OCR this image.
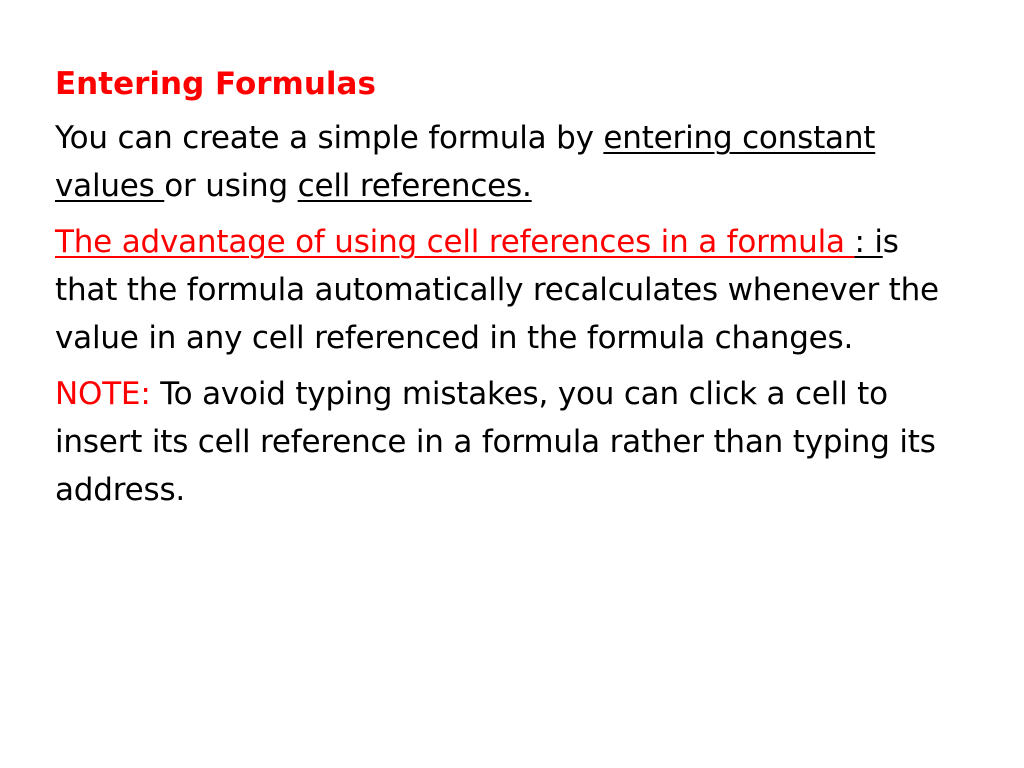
Entering Formulas

You can create a simple formula by entering constant values or using cell references.

The advantage of using cell references in a formula : is that the formula automatically recalculates whenever the value in any cell referenced in the formula changes.

NOTE: To avoid typing mistakes, you can click a cell to insert its cell reference in a formula rather than typing its address.
